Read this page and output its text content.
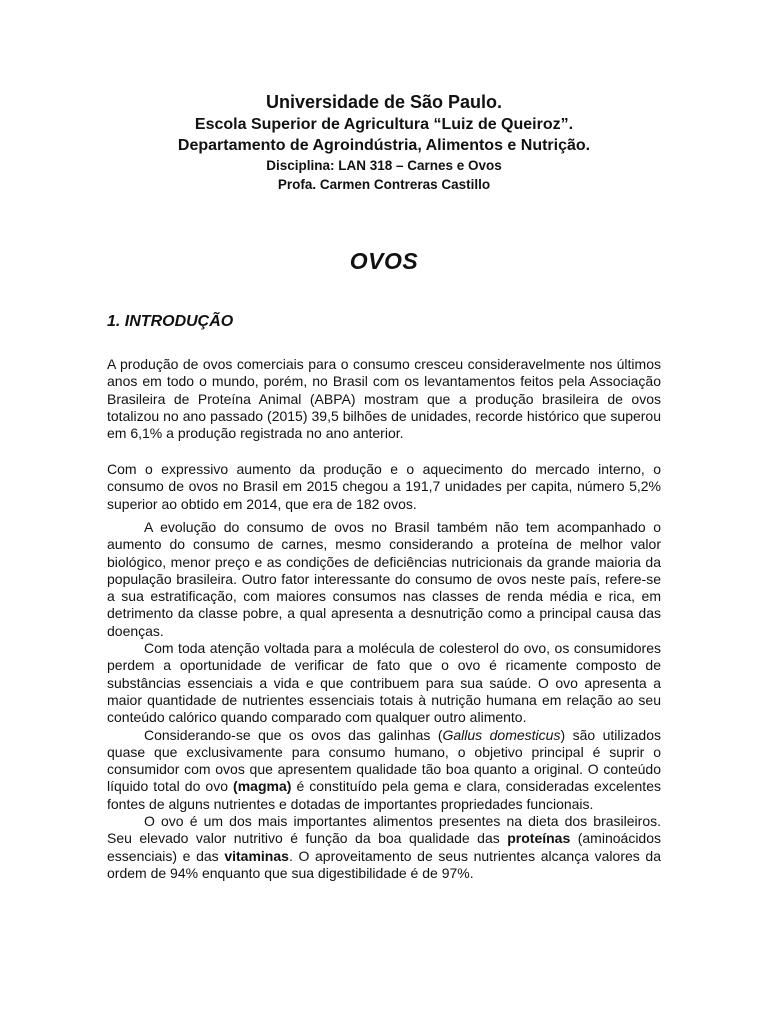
Universidade de São Paulo.
Escola Superior de Agricultura “Luiz de Queiroz”.
Departamento de Agroindústria, Alimentos e Nutrição.
Disciplina: LAN 318 – Carnes e Ovos
Profa. Carmen Contreras Castillo
OVOS
1. INTRODUÇÃO

A produção de ovos comerciais para o consumo cresceu consideravelmente nos últimos anos em todo o mundo, porém, no Brasil com os levantamentos feitos pela Associação Brasileira de Proteína Animal (ABPA) mostram que a produção brasileira de ovos totalizou no ano passado (2015) 39,5 bilhões de unidades, recorde histórico que superou em 6,1% a produção registrada no ano anterior.

Com o expressivo aumento da produção e o aquecimento do mercado interno, o consumo de ovos no Brasil em 2015 chegou a 191,7 unidades per capita, número 5,2% superior ao obtido em 2014, que era de 182 ovos.

A evolução do consumo de ovos no Brasil também não tem acompanhado o aumento do consumo de carnes, mesmo considerando a proteína de melhor valor biológico, menor preço e as condições de deficiências nutricionais da grande maioria da população brasileira. Outro fator interessante do consumo de ovos neste país, refere-se a sua estratificação, com maiores consumos nas classes de renda média e rica, em detrimento da classe pobre, a qual apresenta a desnutrição como a principal causa das doenças.

Com toda atenção voltada para a molécula de colesterol do ovo, os consumidores perdem a oportunidade de verificar de fato que o ovo é ricamente composto de substâncias essenciais a vida e que contribuem para sua saúde. O ovo apresenta a maior quantidade de nutrientes essenciais totais à nutrição humana em relação ao seu conteúdo calórico quando comparado com qualquer outro alimento.

Considerando-se que os ovos das galinhas (Gallus domesticus) são utilizados quase que exclusivamente para consumo humano, o objetivo principal é suprir o consumidor com ovos que apresentem qualidade tão boa quanto a original. O conteúdo líquido total do ovo (magma) é constituído pela gema e clara, consideradas excelentes fontes de alguns nutrientes e dotadas de importantes propriedades funcionais.

O ovo é um dos mais importantes alimentos presentes na dieta dos brasileiros. Seu elevado valor nutritivo é função da boa qualidade das proteínas (aminoácidos essenciais) e das vitaminas. O aproveitamento de seus nutrientes alcança valores da ordem de 94% enquanto que sua digestibilidade é de 97%.
